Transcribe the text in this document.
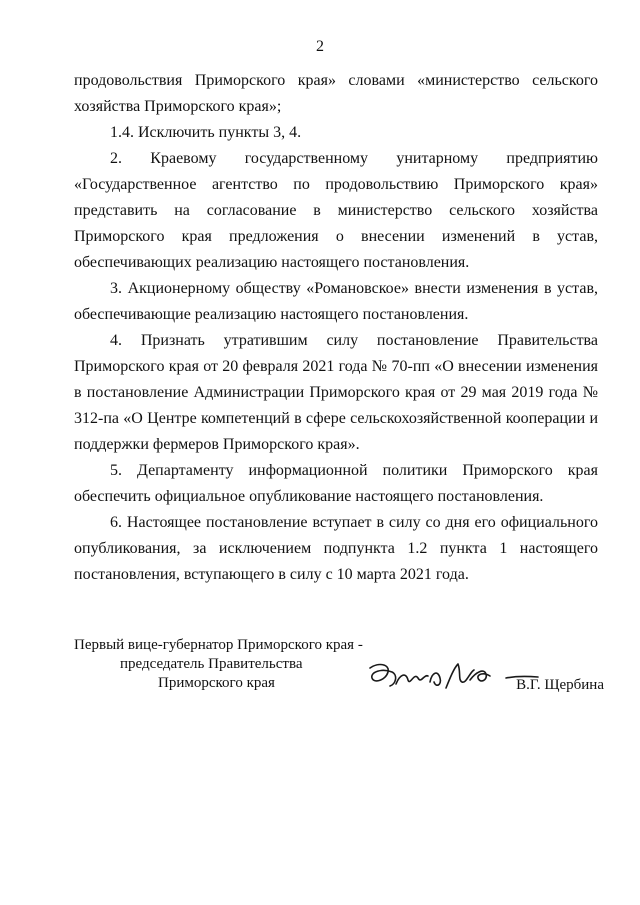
2

продовольствия Приморского края» словами «министерство сельского хозяйства Приморского края»;

1.4. Исключить пункты 3, 4.

2. Краевому государственному унитарному предприятию «Государственное агентство по продовольствию Приморского края» представить на согласование в министерство сельского хозяйства Приморского края предложения о внесении изменений в устав, обеспечивающих реализацию настоящего постановления.

3. Акционерному обществу «Романовское» внести изменения в устав, обеспечивающие реализацию настоящего постановления.

4. Признать утратившим силу постановление Правительства Приморского края от 20 февраля 2021 года № 70-пп «О внесении изменения в постановление Администрации Приморского края от 29 мая 2019 года № 312-па «О Центре компетенций в сфере сельскохозяйственной кооперации и поддержки фермеров Приморского края».

5. Департаменту информационной политики Приморского края обеспечить официальное опубликование настоящего постановления.

6. Настоящее постановление вступает в силу со дня его официального опубликования, за исключением подпункта 1.2 пункта 1 настоящего постановления, вступающего в силу с 10 марта 2021 года.

Первый вице-губернатор Приморского края -
председатель Правительства
Приморского края	В.Г. Щербина
